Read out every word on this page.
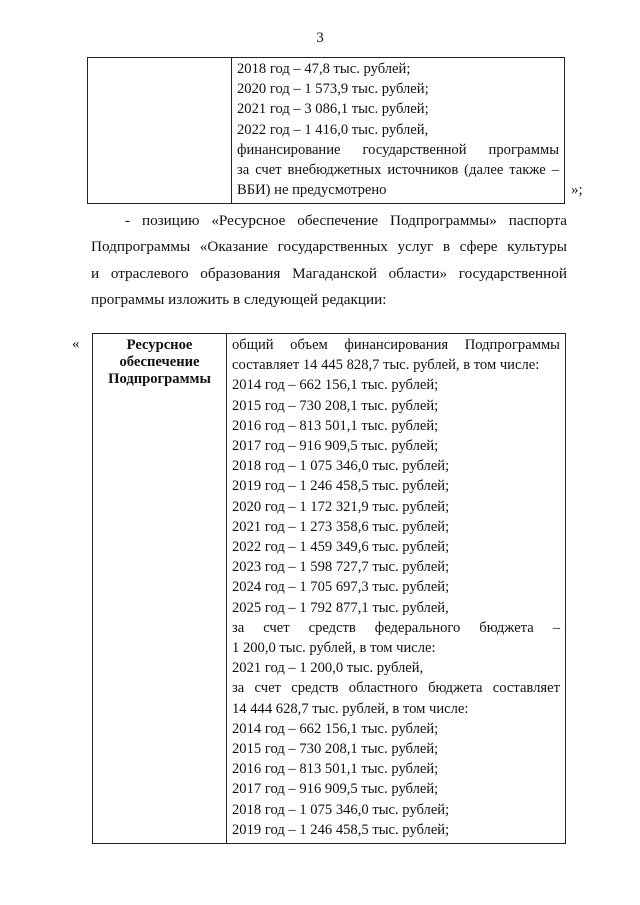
3

2018 год – 47,8 тыс. рублей;
2020 год – 1 573,9 тыс. рублей;
2021 год – 3 086,1 тыс. рублей;
2022 год – 1 416,0 тыс. рублей,
финансирование государственной программы
за счет внебюджетных источников (далее также –
ВБИ) не предусмотрено	»;
- позицию «Ресурсное обеспечение Подпрограммы» паспорта
Подпрограммы «Оказание государственных услуг в сфере культуры
и отраслевого образования Магаданской области» государственной
программы изложить в следующей редакции:
«	Ресурсное
обеспечение
Подпрограммы

общий объем финансирования Подпрограммы
составляет 14 445 828,7 тыс. рублей, в том числе:
2014 год – 662 156,1 тыс. рублей;
2015 год – 730 208,1 тыс. рублей;
2016 год – 813 501,1 тыс. рублей;
2017 год – 916 909,5 тыс. рублей;
2018 год – 1 075 346,0 тыс. рублей;
2019 год – 1 246 458,5 тыс. рублей;
2020 год – 1 172 321,9 тыс. рублей;
2021 год – 1 273 358,6 тыс. рублей;
2022 год – 1 459 349,6 тыс. рублей;
2023 год – 1 598 727,7 тыс. рублей;
2024 год – 1 705 697,3 тыс. рублей;
2025 год – 1 792 877,1 тыс. рублей,
за счет средств федерального бюджета –
1 200,0 тыс. рублей, в том числе:
2021 год – 1 200,0 тыс. рублей,
за счет средств областного бюджета составляет
14 444 628,7 тыс. рублей, в том числе:
2014 год – 662 156,1 тыс. рублей;
2015 год – 730 208,1 тыс. рублей;
2016 год – 813 501,1 тыс. рублей;
2017 год – 916 909,5 тыс. рублей;
2018 год – 1 075 346,0 тыс. рублей;
2019 год – 1 246 458,5 тыс. рублей;
